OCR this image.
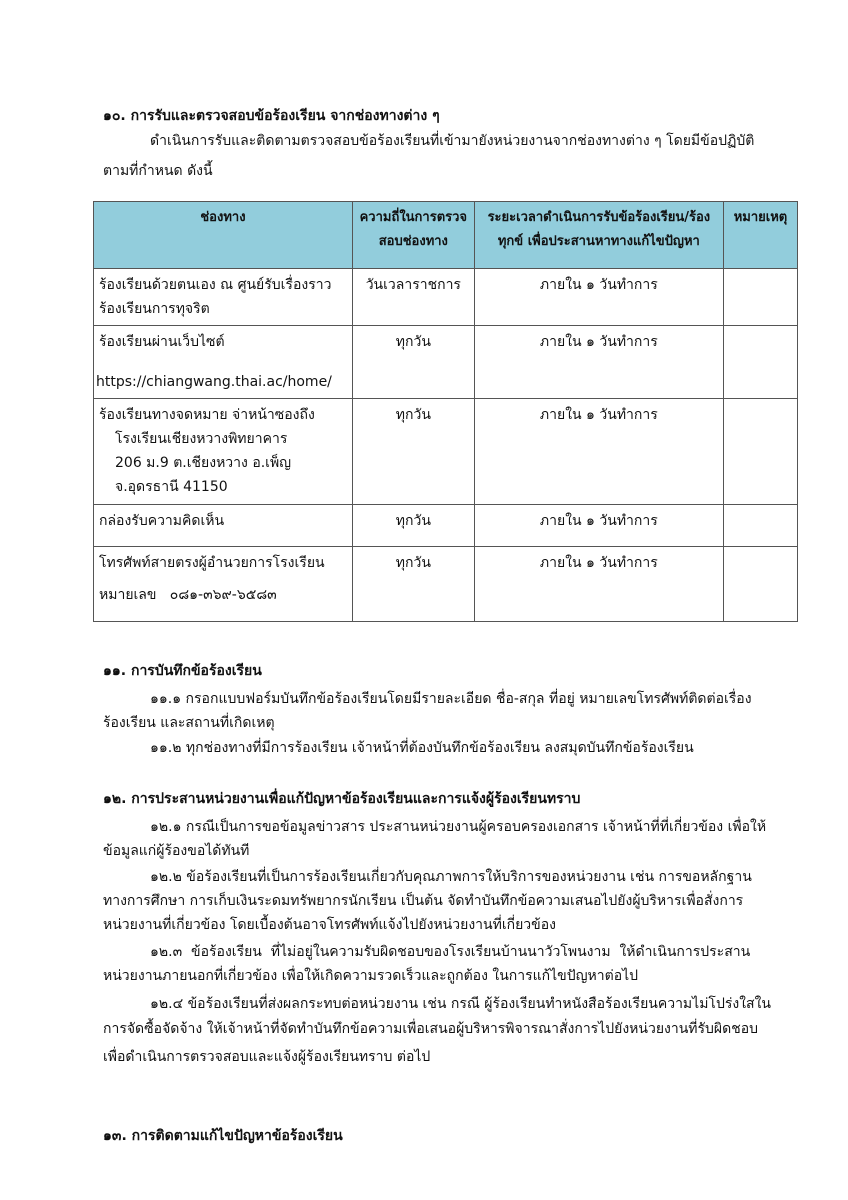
๑๐. การรับและตรวจสอบข้อร้องเรียน จากช่องทางต่าง ๆ
ดำเนินการรับและติดตามตรวจสอบข้อร้องเรียนที่เข้ามายังหน่วยงานจากช่องทางต่าง ๆ โดยมีข้อปฏิบัติ
ตามที่กำหนด ดังนี้
ช่องทาง	ความถี่ในการตรวจสอบช่องทาง	ระยะเวลาดำเนินการรับข้อร้องเรียน/ร้องทุกข์ เพื่อประสานหาทางแก้ไขปัญหา	หมายเหตุ

ร้องเรียนด้วยตนเอง ณ ศูนย์รับเรื่องราว
ร้องเรียนการทุจริต	วันเวลาราชการ	ภายใน ๑ วันทำการ	

ร้องเรียนผ่านเว็บไซต์
https://chiangwang.thai.ac/home/	ทุกวัน	ภายใน ๑ วันทำการ	

ร้องเรียนทางจดหมาย จ่าหน้าซองถึง
โรงเรียนเชียงหวางพิทยาคาร
206 ม.9 ต.เชียงหวาง อ.เพ็ญ
จ.อุดรธานี 41150	ทุกวัน	ภายใน ๑ วันทำการ	

กล่องรับความคิดเห็น	ทุกวัน	ภายใน ๑ วันทำการ	

โทรศัพท์สายตรงผู้อำนวยการโรงเรียน
หมายเลข   ๐๘๑-๓๖๙-๖๕๘๓	ทุกวัน	ภายใน ๑ วันทำการ	
๑๑. การบันทึกข้อร้องเรียน
๑๑.๑ กรอกแบบฟอร์มบันทึกข้อร้องเรียนโดยมีรายละเอียด ชื่อ-สกุล ที่อยู่ หมายเลขโทรศัพท์ติดต่อเรื่อง
ร้องเรียน และสถานที่เกิดเหตุ
๑๑.๒ ทุกช่องทางที่มีการร้องเรียน เจ้าหน้าที่ต้องบันทึกข้อร้องเรียน ลงสมุดบันทึกข้อร้องเรียน
๑๒. การประสานหน่วยงานเพื่อแก้ปัญหาข้อร้องเรียนและการแจ้งผู้ร้องเรียนทราบ
๑๒.๑ กรณีเป็นการขอข้อมูลข่าวสาร ประสานหน่วยงานผู้ครอบครองเอกสาร เจ้าหน้าที่ที่เกี่ยวข้อง เพื่อให้
ข้อมูลแก่ผู้ร้องขอได้ทันที
๑๒.๒ ข้อร้องเรียนที่เป็นการร้องเรียนเกี่ยวกับคุณภาพการให้บริการของหน่วยงาน เช่น การขอหลักฐาน
ทางการศึกษา การเก็บเงินระดมทรัพยากรนักเรียน เป็นต้น จัดทำบันทึกข้อความเสนอไปยังผู้บริหารเพื่อสั่งการ
หน่วยงานที่เกี่ยวข้อง โดยเบื้องต้นอาจโทรศัพท์แจ้งไปยังหน่วยงานที่เกี่ยวข้อง
๑๒.๓  ข้อร้องเรียน  ที่ไม่อยู่ในความรับผิดชอบของโรงเรียนบ้านนาวัวโพนงาม  ให้ดำเนินการประสาน
หน่วยงานภายนอกที่เกี่ยวข้อง เพื่อให้เกิดความรวดเร็วและถูกต้อง ในการแก้ไขปัญหาต่อไป
๑๒.๔ ข้อร้องเรียนที่ส่งผลกระทบต่อหน่วยงาน เช่น กรณี ผู้ร้องเรียนทำหนังสือร้องเรียนความไม่โปร่งใสใน
การจัดซื้อจัดจ้าง ให้เจ้าหน้าที่จัดทำบันทึกข้อความเพื่อเสนอผู้บริหารพิจารณาสั่งการไปยังหน่วยงานที่รับผิดชอบ
เพื่อดำเนินการตรวจสอบและแจ้งผู้ร้องเรียนทราบ ต่อไป
๑๓. การติดตามแก้ไขปัญหาข้อร้องเรียน
